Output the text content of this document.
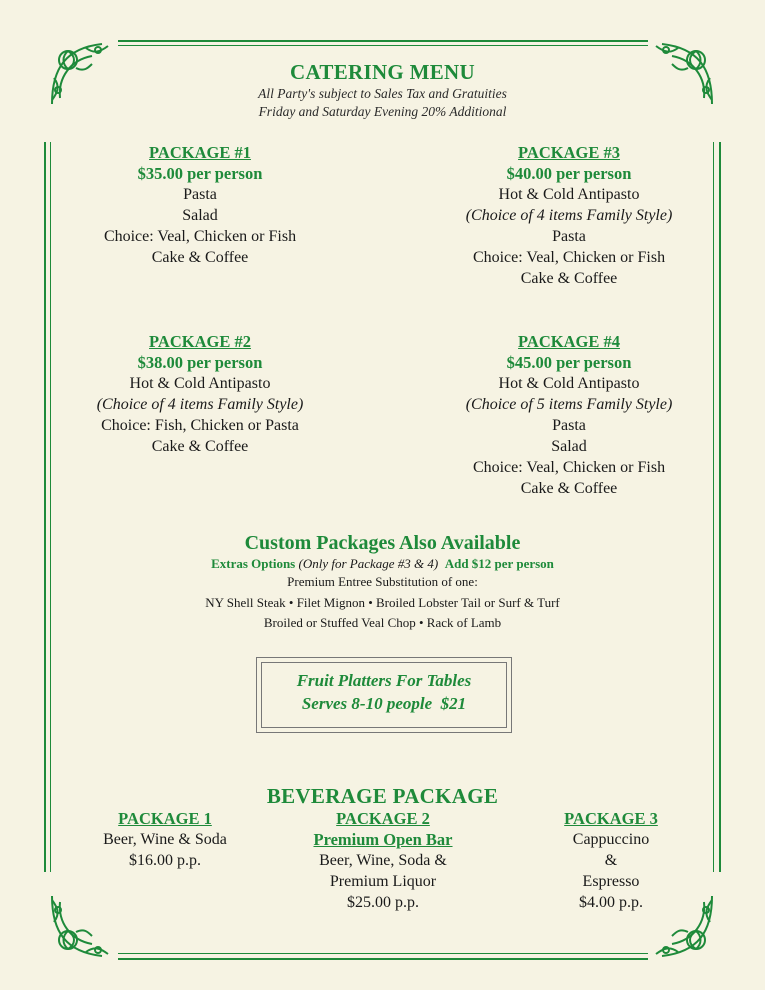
CATERING MENU
All Party's subject to Sales Tax and Gratuities
Friday and Saturday Evening 20% Additional
PACKAGE #1
$35.00 per person
Pasta
Salad
Choice: Veal, Chicken or Fish
Cake & Coffee
PACKAGE #3
$40.00 per person
Hot & Cold Antipasto
(Choice of 4 items Family Style)
Pasta
Choice: Veal, Chicken or Fish
Cake & Coffee
PACKAGE #2
$38.00 per person
Hot & Cold Antipasto
(Choice of 4 items Family Style)
Choice: Fish, Chicken or Pasta
Cake & Coffee
PACKAGE #4
$45.00 per person
Hot & Cold Antipasto
(Choice of 5 items Family Style)
Pasta
Salad
Choice: Veal, Chicken or Fish
Cake & Coffee
Custom Packages Also Available
Extras Options (Only for Package #3 & 4) Add $12 per person
Premium Entree Substitution of one:
NY Shell Steak • Filet Mignon • Broiled Lobster Tail or Surf & Turf
Broiled or Stuffed Veal Chop • Rack of Lamb
Fruit Platters For Tables
Serves 8-10 people  $21
BEVERAGE PACKAGE
PACKAGE 1
Beer, Wine & Soda
$16.00 p.p.
PACKAGE 2
Premium Open Bar
Beer, Wine, Soda &
Premium Liquor
$25.00 p.p.
PACKAGE 3
Cappuccino
&
Espresso
$4.00 p.p.
